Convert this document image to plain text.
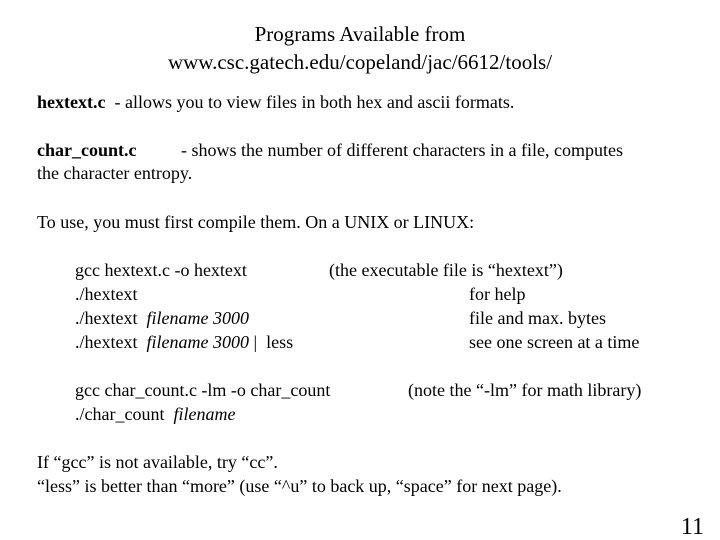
Programs Available from
www.csc.gatech.edu/copeland/jac/6612/tools/
hextext.c - allows you to view files in both hex and ascii formats.
char_count.c - shows the number of different characters in a file, computes
the character entropy.
To use, you must first compile them. On a UNIX or LINUX:
gcc hextext.c -o hextext	(the executable file is “hextext”)
./hextext	for help
./hextext filename 3000	file and max. bytes
./hextext filename 3000 |  less	see one screen at a time
gcc char_count.c -lm -o char_count	(note the “-lm” for math library)
./char_count filename
If “gcc” is not available, try “cc”.
“less” is better than “more” (use “^u” to back up, “space” for next page).
11
